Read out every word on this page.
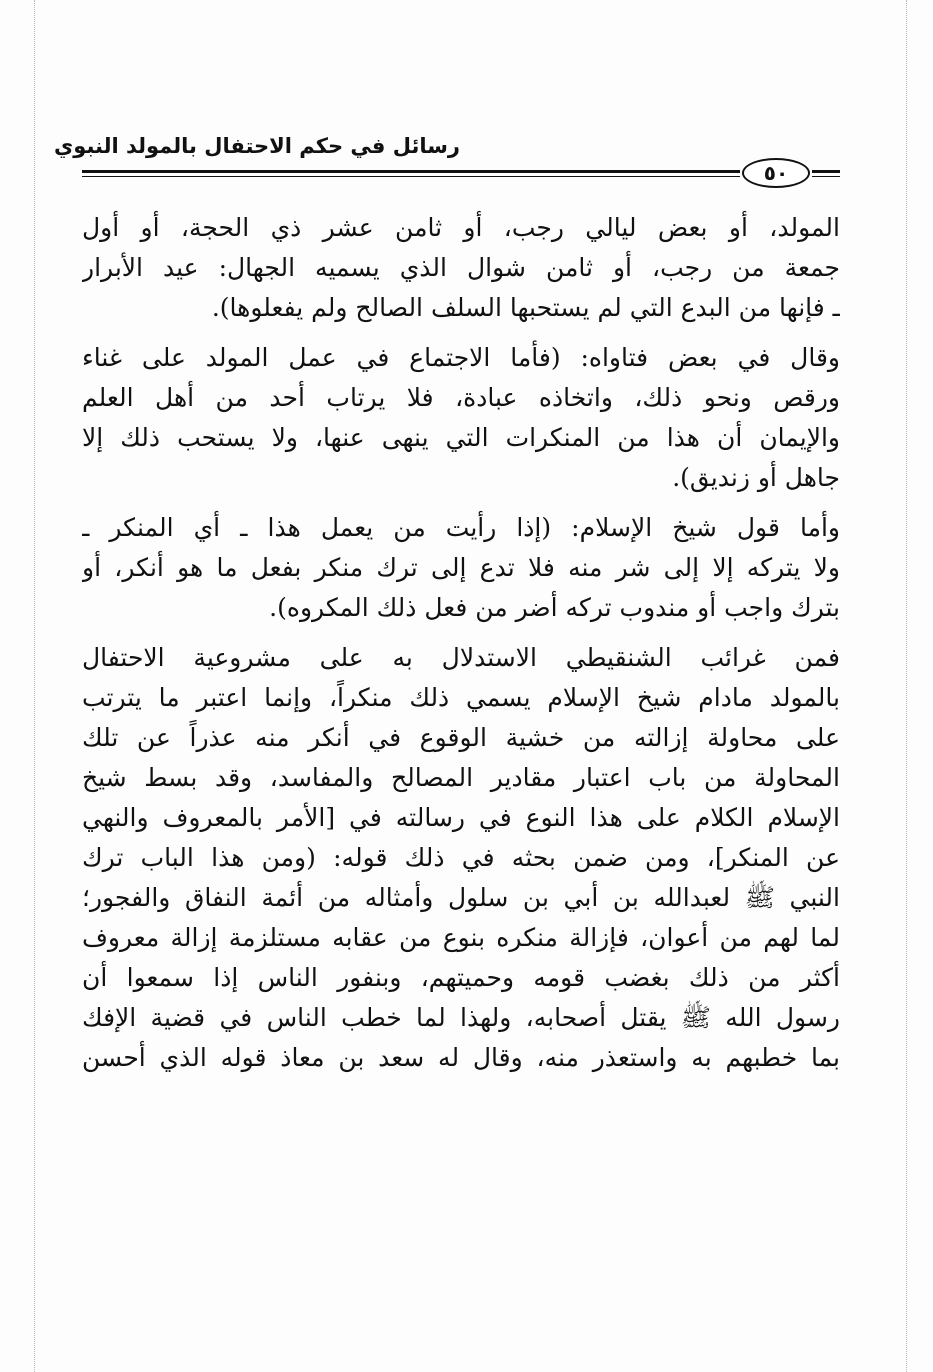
رسائل في حكم الاحتفال بالمولد النبوي
٥٠
المولد، أو بعض ليالي رجب، أو ثامن عشر ذي الحجة، أو أول
جمعة من رجب، أو ثامن شوال الذي يسميه الجهال: عيد الأبرار
ـ فإنها من البدع التي لم يستحبها السلف الصالح ولم يفعلوها).
وقال في بعض فتاواه: (فأما الاجتماع في عمل المولد على غناء
ورقص ونحو ذلك، واتخاذه عبادة، فلا يرتاب أحد من أهل العلم
والإيمان أن هذا من المنكرات التي ينهى عنها، ولا يستحب ذلك إلا
جاهل أو زنديق).
وأما قول شيخ الإسلام: (إذا رأيت من يعمل هذا ـ أي المنكر ـ
ولا يتركه إلا إلى شر منه فلا تدع إلى ترك منكر بفعل ما هو أنكر، أو
بترك واجب أو مندوب تركه أضر من فعل ذلك المكروه).
فمن غرائب الشنقيطي الاستدلال به على مشروعية الاحتفال
بالمولد مادام شيخ الإسلام يسمي ذلك منكراً، وإنما اعتبر ما يترتب
على محاولة إزالته من خشية الوقوع في أنكر منه عذراً عن تلك
المحاولة من باب اعتبار مقادير المصالح والمفاسد، وقد بسط شيخ
الإسلام الكلام على هذا النوع في رسالته في [الأمر بالمعروف والنهي
عن المنكر]، ومن ضمن بحثه في ذلك قوله: (ومن هذا الباب ترك
النبي ﷺ لعبدالله بن أبي بن سلول وأمثاله من أئمة النفاق والفجور؛
لما لهم من أعوان، فإزالة منكره بنوع من عقابه مستلزمة إزالة معروف
أكثر من ذلك بغضب قومه وحميتهم، وبنفور الناس إذا سمعوا أن
رسول الله ﷺ يقتل أصحابه، ولهذا لما خطب الناس في قضية الإفك
بما خطبهم به واستعذر منه، وقال له سعد بن معاذ قوله الذي أحسن
